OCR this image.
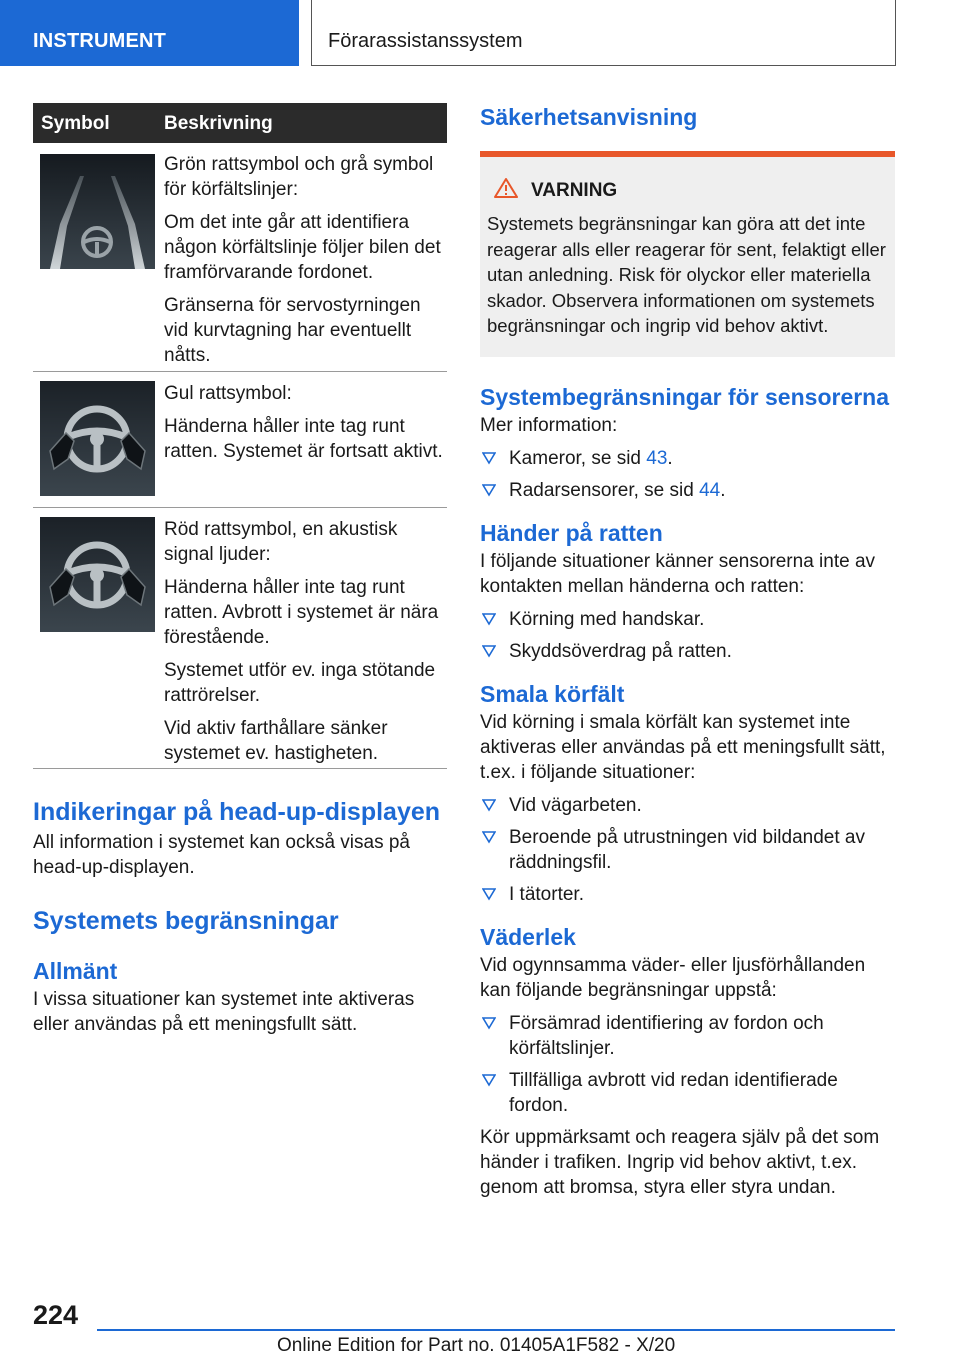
INSTRUMENT	Förarassistanssystem
Symbol	Beskrivning

Grön rattsymbol och grå symbol för körfältslinjer:

Om det inte går att identifiera någon körfältslinje följer bilen det framförvarande fordonet.

Gränserna för servostyrningen vid kurvtagning har eventuellt nåtts.

Gul rattsymbol:

Händerna håller inte tag runt ratten. Systemet är fortsatt aktivt.

Röd rattsymbol, en akustisk signal ljuder:

Händerna håller inte tag runt ratten. Avbrott i systemet är nära förestående.

Systemet utför ev. inga stötande rattrörelser.

Vid aktiv farthållare sänker systemet ev. hastigheten.

Indikeringar på head-up-displayen
All information i systemet kan också visas på head-up-displayen.
Systemets begränsningar
Allmänt
I vissa situationer kan systemet inte aktiveras eller användas på ett meningsfullt sätt.
Säkerhetsanvisning
VARNING
Systemets begränsningar kan göra att det inte reagerar alls eller reagerar för sent, felaktigt eller utan anledning. Risk för olyckor eller materiella skador. Observera informationen om systemets begränsningar och ingrip vid behov aktivt.
Systembegränsningar för sensorerna
Mer information:
Kameror, se sid 43.
Radarsensorer, se sid 44.
Händer på ratten
I följande situationer känner sensorerna inte av kontakten mellan händerna och ratten:
Körning med handskar.
Skyddsöverdrag på ratten.
Smala körfält
Vid körning i smala körfält kan systemet inte aktiveras eller användas på ett meningsfullt sätt, t.ex. i följande situationer:
Vid vägarbeten.
Beroende på utrustningen vid bildandet av räddningsfil.
I tätorter.
Väderlek
Vid ogynnsamma väder- eller ljusförhållanden kan följande begränsningar uppstå:
Försämrad identifiering av fordon och körfältslinjer.
Tillfälliga avbrott vid redan identifierade fordon.
Kör uppmärksamt och reagera själv på det som händer i trafiken. Ingrip vid behov aktivt, t.ex. genom att bromsa, styra eller styra undan.
224
Online Edition for Part no. 01405A1F582 - X/20
